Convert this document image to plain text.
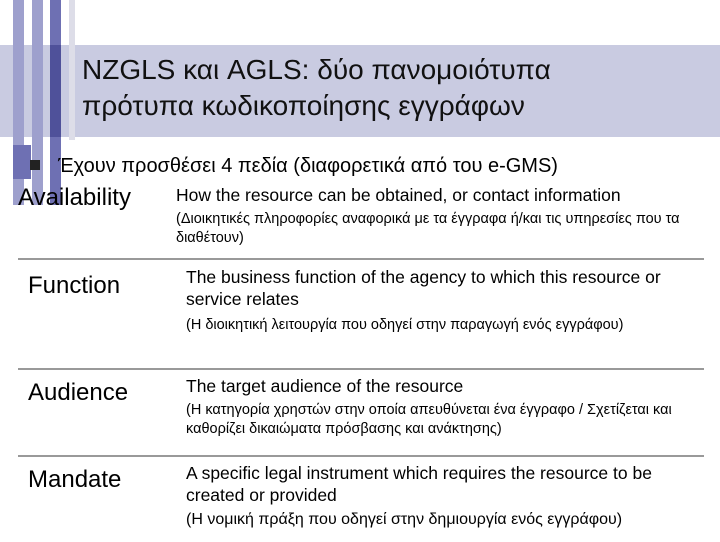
NZGLS και AGLS: δύο πανομοιότυπα
πρότυπα κωδικοποίησης εγγράφων
Έχουν προσθέσει 4 πεδία (διαφορετικά από του e-GMS)
Availability	How the resource can be obtained, or contact information
(Διοικητικές πληροφορίες αναφορικά με τα έγγραφα ή/και τις υπηρεσίες που τα διαθέτουν)
Function	The business function of the agency to which this resource or service relates
(Η διοικητική λειτουργία που οδηγεί στην παραγωγή ενός εγγράφου)
Audience	The target audience of the resource
(Η κατηγορία χρηστών στην οποία απευθύνεται ένα έγγραφο / Σχετίζεται και καθορίζει δικαιώματα πρόσβασης και ανάκτησης)
Mandate	A specific legal instrument which requires the resource to be created or provided
(Η νομική πράξη που οδηγεί στην δημιουργία ενός εγγράφου)
